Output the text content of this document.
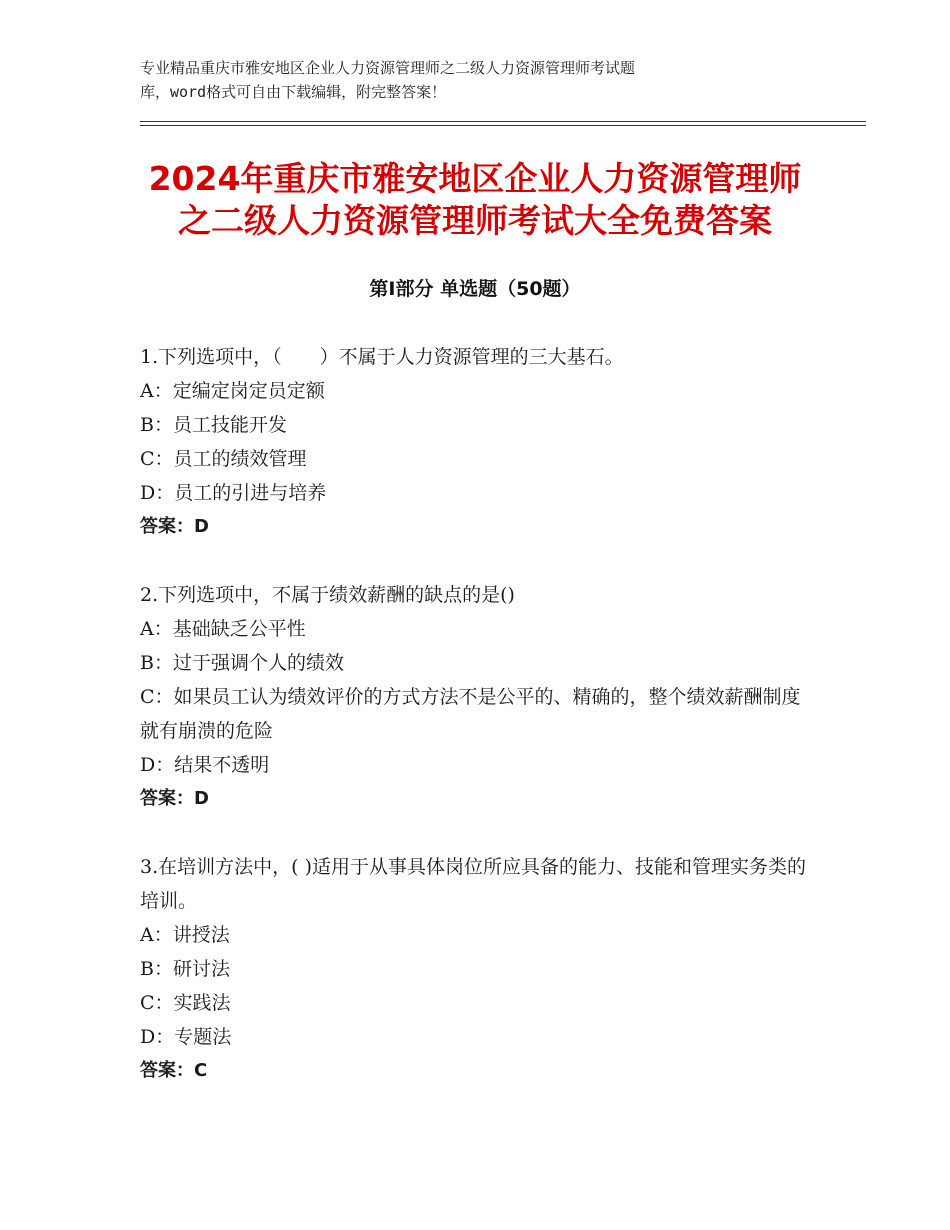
专业精品重庆市雅安地区企业人力资源管理师之二级人力资源管理师考试题
库，word格式可自由下载编辑，附完整答案！
2024年重庆市雅安地区企业人力资源管理师
之二级人力资源管理师考试大全免费答案
第Ⅰ部分 单选题（50题）
1.下列选项中，（　　）不属于人力资源管理的三大基石。
A：定编定岗定员定额
B：员工技能开发
C：员工的绩效管理
D：员工的引进与培养
答案：D
2.下列选项中，不属于绩效薪酬的缺点的是()
A：基础缺乏公平性
B：过于强调个人的绩效
C：如果员工认为绩效评价的方式方法不是公平的、精确的，整个绩效薪酬制度就有崩溃的危险
D：结果不透明
答案：D
3.在培训方法中，( )适用于从事具体岗位所应具备的能力、技能和管理实务类的培训。
A：讲授法
B：研讨法
C：实践法
D：专题法
答案：C
